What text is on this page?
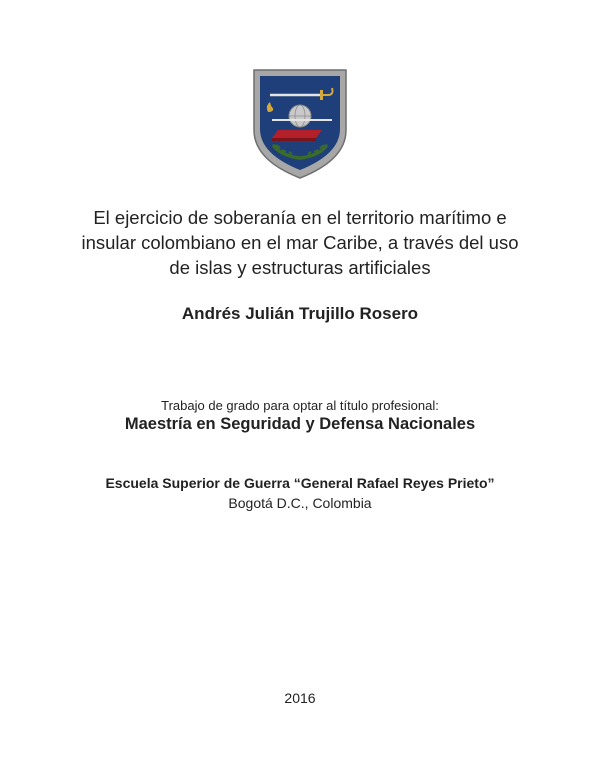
El ejercicio de soberanía en el territorio marítimo e
insular colombiano en el mar Caribe, a través del uso
de islas y estructuras artificiales
Andrés Julián Trujillo Rosero
Trabajo de grado para optar al título profesional:
Maestría en Seguridad y Defensa Nacionales
Escuela Superior de Guerra “General Rafael Reyes Prieto”
Bogotá D.C., Colombia
2016
